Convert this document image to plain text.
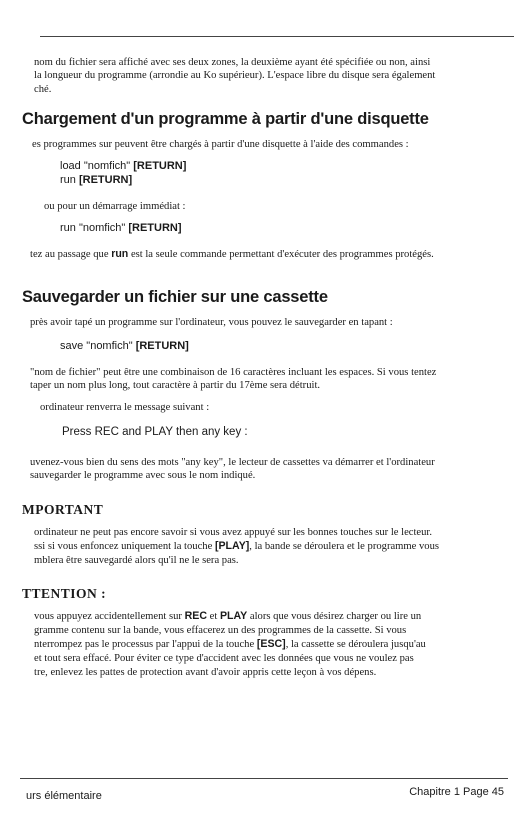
nom du fichier sera affiché avec ses deux zones, la deuxième ayant été spécifiée ou non, ainsi
la longueur du programme (arrondie au Ko supérieur). L'espace libre du disque sera également
ché.
Chargement d'un programme à partir d'une disquette
es programmes sur peuvent être chargés à partir d'une disquette à l'aide des commandes :
load "nomfich" [RETURN]
run [RETURN]
ou pour un démarrage immédiat :
run "nomfich" [RETURN]
tez au passage que run est la seule commande permettant d'exécuter des programmes protégés.
Sauvegarder un fichier sur une cassette
près avoir tapé un programme sur l'ordinateur, vous pouvez le sauvegarder en tapant :
save "nomfich" [RETURN]
"nom de fichier" peut être une combinaison de 16 caractères incluant les espaces. Si vous tentez
taper un nom plus long, tout caractère à partir du 17ème sera détruit.
ordinateur renverra le message suivant :
Press REC and PLAY then any key :
uvenez-vous bien du sens des mots "any key", le lecteur de cassettes va démarrer et l'ordinateur
sauvegarder le programme avec sous le nom indiqué.
MPORTANT
ordinateur ne peut pas encore savoir si vous avez appuyé sur les bonnes touches sur le lecteur.
ssi si vous enfoncez uniquement la touche [PLAY], la bande se déroulera et le programme vous
mblera être sauvegardé alors qu'il ne le sera pas.
TTENTION :
vous appuyez accidentellement sur REC et PLAY alors que vous désirez charger ou lire un
gramme contenu sur la bande, vous effacerez un des programmes de la cassette. Si vous
nterrompez pas le processus par l'appui de la touche [ESC], la cassette se déroulera jusqu'au
et tout sera effacé. Pour éviter ce type d'accident avec les données que vous ne voulez pas
tre, enlevez les pattes de protection avant d'avoir appris cette leçon à vos dépens.
urs élémentaire	Chapitre 1 Page 45
